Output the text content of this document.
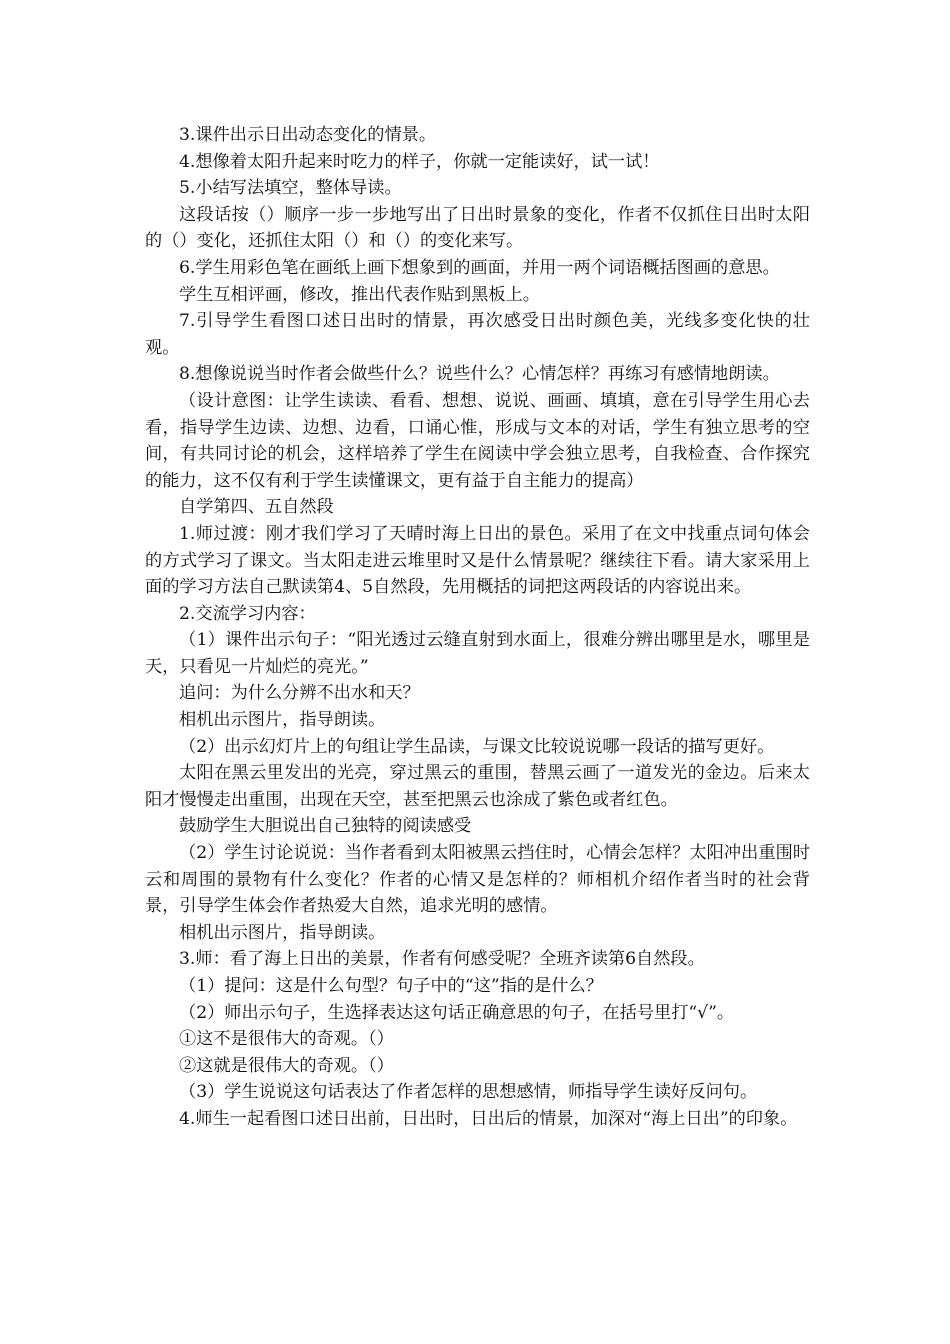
3.课件出示日出动态变化的情景。

4.想像着太阳升起来时吃力的样子，你就一定能读好，试一试！

5.小结写法填空，整体导读。

这段话按（）顺序一步一步地写出了日出时景象的变化，作者不仅抓住日出时太阳的（）变化，还抓住太阳（）和（）的变化来写。

6.学生用彩色笔在画纸上画下想象到的画面，并用一两个词语概括图画的意思。

学生互相评画，修改，推出代表作贴到黑板上。

7.引导学生看图口述日出时的情景，再次感受日出时颜色美，光线多变化快的壮观。

8.想像说说当时作者会做些什么？说些什么？心情怎样？再练习有感情地朗读。

（设计意图：让学生读读、看看、想想、说说、画画、填填，意在引导学生用心去看，指导学生边读、边想、边看，口诵心惟，形成与文本的对话，学生有独立思考的空间，有共同讨论的机会，这样培养了学生在阅读中学会独立思考，自我检查、合作探究的能力，这不仅有利于学生读懂课文，更有益于自主能力的提高）

自学第四、五自然段

1.师过渡：刚才我们学习了天晴时海上日出的景色。采用了在文中找重点词句体会的方式学习了课文。当太阳走进云堆里时又是什么情景呢？继续往下看。请大家采用上面的学习方法自己默读第4、5自然段，先用概括的词把这两段话的内容说出来。

2.交流学习内容：

（1）课件出示句子：“阳光透过云缝直射到水面上，很难分辨出哪里是水，哪里是天，只看见一片灿烂的亮光。”

追问：为什么分辨不出水和天？

相机出示图片，指导朗读。

（2）出示幻灯片上的句组让学生品读，与课文比较说说哪一段话的描写更好。

太阳在黑云里发出的光亮，穿过黑云的重围，替黑云画了一道发光的金边。后来太阳才慢慢走出重围，出现在天空，甚至把黑云也涂成了紫色或者红色。

鼓励学生大胆说出自己独特的阅读感受

（2）学生讨论说说：当作者看到太阳被黑云挡住时，心情会怎样？太阳冲出重围时云和周围的景物有什么变化？作者的心情又是怎样的？师相机介绍作者当时的社会背景，引导学生体会作者热爱大自然，追求光明的感情。

相机出示图片，指导朗读。

3.师：看了海上日出的美景，作者有何感受呢？全班齐读第6自然段。

（1）提问：这是什么句型？句子中的“这”指的是什么？

（2）师出示句子，生选择表达这句话正确意思的句子，在括号里打“√”。

①这不是很伟大的奇观。（）

②这就是很伟大的奇观。（）

（3）学生说说这句话表达了作者怎样的思想感情，师指导学生读好反问句。

4.师生一起看图口述日出前，日出时，日出后的情景，加深对“海上日出”的印象。
